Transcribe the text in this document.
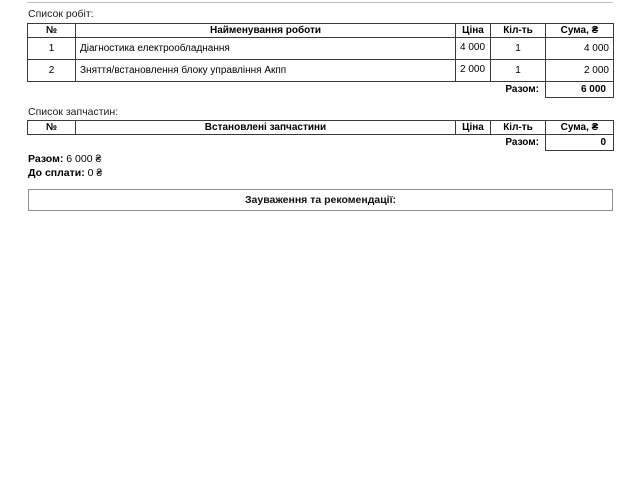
Список робіт:
№	Найменування роботи	Ціна	Кіл-ть	Сума, ₴
1	Діагностика електрообладнання	4 000	1	4 000
2	Зняття/встановлення блоку управління Акпп	2 000	1	2 000
			Разом:	6 000
Список запчастин:
№	Встановлені запчастини	Ціна	Кіл-ть	Сума, ₴
			Разом:	0
Разом: 6 000 ₴
До сплати: 0 ₴
Зауваження та рекомендації:
